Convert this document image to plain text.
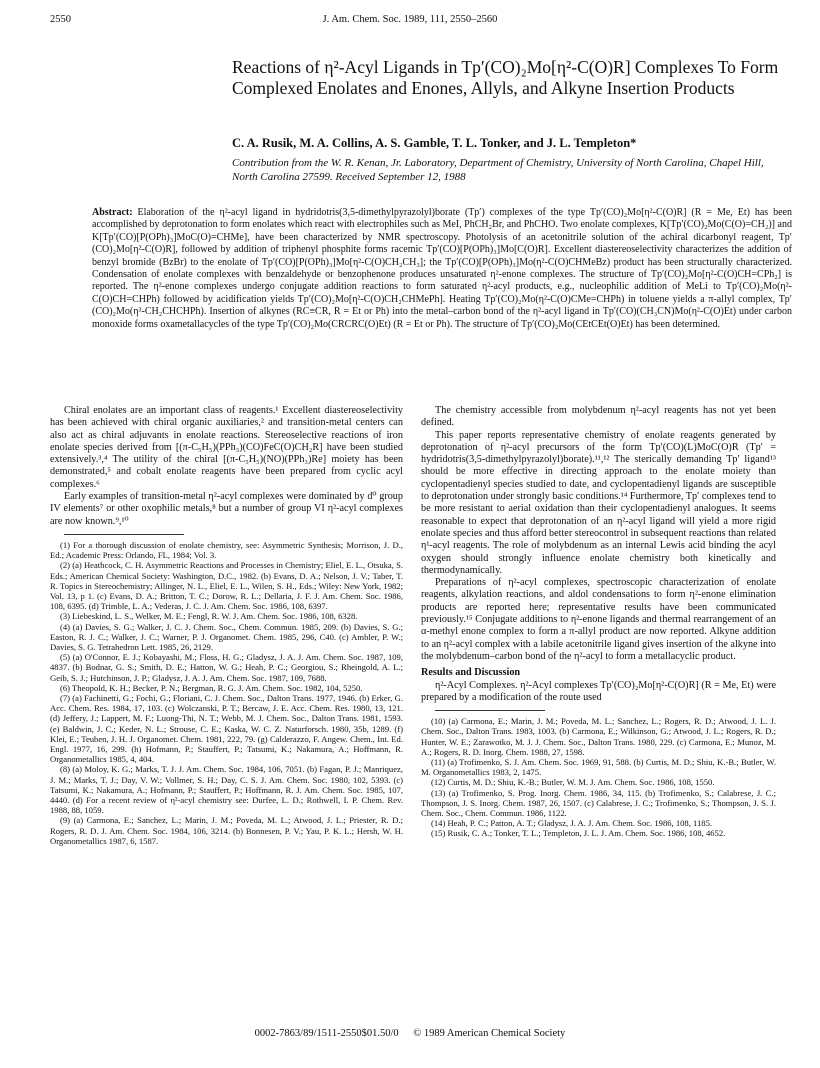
2550	J. Am. Chem. Soc. 1989, 111, 2550–2560
Reactions of η²-Acyl Ligands in Tp′(CO)₂Mo[η²-C(O)R] Complexes To Form Complexed Enolates and Enones, Allyls, and Alkyne Insertion Products
C. A. Rusik, M. A. Collins, A. S. Gamble, T. L. Tonker, and J. L. Templeton*
Contribution from the W. R. Kenan, Jr. Laboratory, Department of Chemistry, University of North Carolina, Chapel Hill, North Carolina 27599. Received September 12, 1988
Abstract: Elaboration of the η²-acyl ligand in hydridotris(3,5-dimethylpyrazolyl)borate (Tp′) complexes of the type Tp′(CO)₂Mo[η²-C(O)R] (R = Me, Et) has been accomplished by deprotonation to form enolates which react with electrophiles such as MeI, PhCH₂Br, and PhCHO. Two enolate complexes, K[Tp′(CO)₂Mo(C(O)=CH₂)] and K[Tp′(CO)[P(OPh)₃]MoC(O)=CHMe], have been characterized by NMR spectroscopy. Photolysis of an acetonitrile solution of the achiral dicarbonyl reagent, Tp′(CO)₂Mo[η²-C(O)R], followed by addition of triphenyl phosphite forms racemic Tp′(CO)[P(OPh)₃]Mo[C(O)R]. Excellent diastereoselectivity characterizes the addition of benzyl bromide (BzBr) to the enolate of Tp′(CO)[P(OPh)₃]Mo[η²-C(O)CH₂CH₃]; the Tp′(CO)[P(OPh)₃]Mo(η²-C(O)CHMeBz) product has been structurally characterized. Condensation of enolate complexes with benzaldehyde or benzophenone produces unsaturated η²-enone complexes. The structure of Tp′(CO)₂Mo[η²-C(O)CH=CPh₂] is reported. The η²-enone complexes undergo conjugate addition reactions to form saturated η²-acyl products, e.g., nucleophilic addition of MeLi to Tp′(CO)₂Mo(η²-C(O)CH=CHPh) followed by acidification yields Tp′(CO)₂Mo[η²-C(O)CH₂CHMePh]. Heating Tp′(CO)₂Mo(η²-C(O)CMe=CHPh) in toluene yields a π-allyl complex, Tp′(CO)₂Mo(η³-CH₂CHCHPh). Insertion of alkynes (RC≡CR, R = Et or Ph) into the metal–carbon bond of the η²-acyl ligand in Tp′(CO)(CH₃CN)Mo(η²-C(O)Et) under carbon monoxide forms oxametallacycles of the type Tp′(CO)₂Mo(CRCRC(O)Et) (R = Et or Ph). The structure of Tp′(CO)₂Mo(CEtCEt(O)Et) has been determined.

Chiral enolates are an important class of reagents.¹ Excellent diastereoselectivity has been achieved with chiral organic auxiliaries,² and transition-metal centers can also act as chiral adjuvants in enolate reactions. Stereoselective reactions of iron enolate species derived from [(π-C₅H₅)(PPh₃)(CO)FeC(O)CH₂R] have been studied extensively.³,⁴ The utility of the chiral [(π-C₅H₅)(NO)(PPh₃)Re] moiety has been demonstrated,⁵ and cobalt enolate reagents have been prepared from cyclic acyl complexes.⁶

Early examples of transition-metal η²-acyl complexes were dominated by d⁰ group IV elements⁷ or other oxophilic metals,⁸ but a number of group VI η²-acyl complexes are now known.⁹,¹⁰

(1) For a thorough discussion of enolate chemistry, see: Asymmetric Synthesis; Morrison, J. D., Ed.; Academic Press: Orlando, FL, 1984; Vol. 3.

(2) (a) Heathcock, C. H. Asymmetric Reactions and Processes in Chemistry; Eliel, E. L., Otsuka, S. Eds.; American Chemical Society: Washington, D.C., 1982. (b) Evans, D. A.; Nelson, J. V.; Taber, T. R. Topics in Stereochemistry; Allinger, N. L., Eliel, E. L., Wilen, S. H., Eds.; Wiley: New York, 1982; Vol. 13, p 1. (c) Evans, D. A.; Britton, T. C.; Dorow, R. L.; Dellaria, J. F. J. Am. Chem. Soc. 1986, 108, 6395. (d) Trimble, L. A.; Vederas, J. C. J. Am. Chem. Soc. 1986, 108, 6397.

(3) Liebeskind, L. S., Welker, M. E.; Fengl, R. W. J. Am. Chem. Soc. 1986, 108, 6328.

(4) (a) Davies, S. G.; Walker, J. C. J. Chem. Soc., Chem. Commun. 1985, 209. (b) Davies, S. G.; Easton, R. J. C.; Walker, J. C.; Warner, P. J. Organomet. Chem. 1985, 296, C40. (c) Ambler, P. W.; Davies, S. G. Tetrahedron Lett. 1985, 26, 2129.

(5) (a) O'Connor, E. J.; Kobayashi, M.; Floss, H. G.; Gladysz, J. A. J. Am. Chem. Soc. 1987, 109, 4837. (b) Bodnar, G. S.; Smith, D. E.; Hatton, W. G.; Heah, P. C.; Georgiou, S.; Rheingold, A. L.; Geib, S. J.; Hutchinson, J. P.; Gladysz, J. A. J. Am. Chem. Soc. 1987, 109, 7688.

(6) Theopold, K. H.; Becker, P. N.; Bergman, R. G. J. Am. Chem. Soc. 1982, 104, 5250.

(7) (a) Fachinetti, G.; Fochi, G.; Floriani, C. J. Chem. Soc., Dalton Trans. 1977, 1946. (b) Erker, G. Acc. Chem. Res. 1984, 17, 103. (c) Wolczanski, P. T.; Bercaw, J. E. Acc. Chem. Res. 1980, 13, 121. (d) Jeffery, J.; Lappert, M. F.; Luong-Thi, N. T.; Webb, M. J. Chem. Soc., Dalton Trans. 1981, 1593. (e) Baldwin, J. C.; Keder, N. L.; Strouse, C. E.; Kaska, W. C. Z. Naturforsch. 1980, 35b, 1289. (f) Klei, E.; Teuben, J. H. J. Organomet. Chem. 1981, 222, 79. (g) Calderazzo, F. Angew. Chem., Int. Ed. Engl. 1977, 16, 299. (h) Hofmann, P.; Stauffert, P.; Tatsumi, K.; Nakamura, A.; Hoffmann, R. Organometallics 1985, 4, 404.

(8) (a) Moloy, K. G.; Marks, T. J. J. Am. Chem. Soc. 1984, 106, 7051. (b) Fagan, P. J.; Manriquez, J. M.; Marks, T. J.; Day, V. W.; Vollmer, S. H.; Day, C. S. J. Am. Chem. Soc. 1980, 102, 5393. (c) Tatsumi, K.; Nakamura, A.; Hofmann, P.; Stauffert, P.; Hoffmann, R. J. Am. Chem. Soc. 1985, 107, 4440. (d) For a recent review of η²-acyl chemistry see: Durfee, L. D.; Rothwell, I. P. Chem. Rev. 1988, 88, 1059.

(9) (a) Carmona, E.; Sanchez, L.; Marin, J. M.; Poveda, M. L.; Atwood, J. L.; Priester, R. D.; Rogers, R. D. J. Am. Chem. Soc. 1984, 106, 3214. (b) Bonnesen, P. V.; Yau, P. K. L.; Hersh, W. H. Organometallics 1987, 6, 1587.

The chemistry accessible from molybdenum η²-acyl reagents has not yet been defined.

This paper reports representative chemistry of enolate reagents generated by deprotonation of η²-acyl precursors of the form Tp′(CO)(L)MoC(O)R (Tp′ = hydridotris(3,5-dimethylpyrazolyl)borate).¹¹,¹² The sterically demanding Tp′ ligand¹³ should be more effective in directing approach to the enolate moiety than cyclopentadienyl species studied to date, and cyclopentadienyl ligands are susceptible to deprotonation under strongly basic conditions.¹⁴ Furthermore, Tp′ complexes tend to be more resistant to aerial oxidation than their cyclopentadienyl analogues. It seems reasonable to expect that deprotonation of an η²-acyl ligand will yield a more rigid enolate species and thus afford better stereocontrol in subsequent reactions than related η¹-acyl reagents. The role of molybdenum as an internal Lewis acid binding the acyl oxygen should strongly influence enolate chemistry both kinetically and thermodynamically.

Preparations of η²-acyl complexes, spectroscopic characterization of enolate reagents, alkylation reactions, and aldol condensations to form η²-enone elimination products are reported here; representative results have been communicated previously.¹⁵ Conjugate additions to η²-enone ligands and thermal rearrangement of an α-methyl enone complex to form a π-allyl product are now reported. Alkyne addition to an η²-acyl complex with a labile acetonitrile ligand gives insertion of the alkyne into the molybdenum–carbon bond of the η²-acyl to form a metallacyclic product.

Results and Discussion

η²-Acyl Complexes. η²-Acyl complexes Tp′(CO)₂Mo[η²-C(O)R] (R = Me, Et) were prepared by a modification of the route used

(10) (a) Carmona, E.; Marin, J. M.; Poveda, M. L.; Sanchez, L.; Rogers, R. D.; Atwood, J. L. J. Chem. Soc., Dalton Trans. 1983, 1003. (b) Carmona, E.; Wilkinson, G.; Atwood, J. L.; Rogers, R. D.; Hunter, W. E.; Zarawotko, M. J. J. Chem. Soc., Dalton Trans. 1980, 229. (c) Carmona, E.; Munoz, M. A.; Rogers, R. D. Inorg. Chem. 1988, 27, 1598.

(11) (a) Trofimenko, S. J. Am. Chem. Soc. 1969, 91, 588. (b) Curtis, M. D.; Shiu, K.-B.; Butler, W. M. Organometallics 1983, 2, 1475.

(12) Curtis, M. D.; Shiu, K.-B.; Butler, W. M. J. Am. Chem. Soc. 1986, 108, 1550.

(13) (a) Trofimenko, S. Prog. Inorg. Chem. 1986, 34, 115. (b) Trofimenko, S.; Calabrese, J. C.; Thompson, J. S. Inorg. Chem. 1987, 26, 1507. (c) Calabrese, J. C.; Trofimenko, S.; Thompson, J. S. J. Chem. Soc., Chem. Commun. 1986, 1122.

(14) Heah, P. C.; Patton, A. T.; Gladysz, J. A. J. Am. Chem. Soc. 1986, 108, 1185.

(15) Rusik, C. A.; Tonker, T. L.; Templeton, J. L. J. Am. Chem. Soc. 1986, 108, 4652.

0002-7863/89/1511-2550$01.50/0 © 1989 American Chemical Society
